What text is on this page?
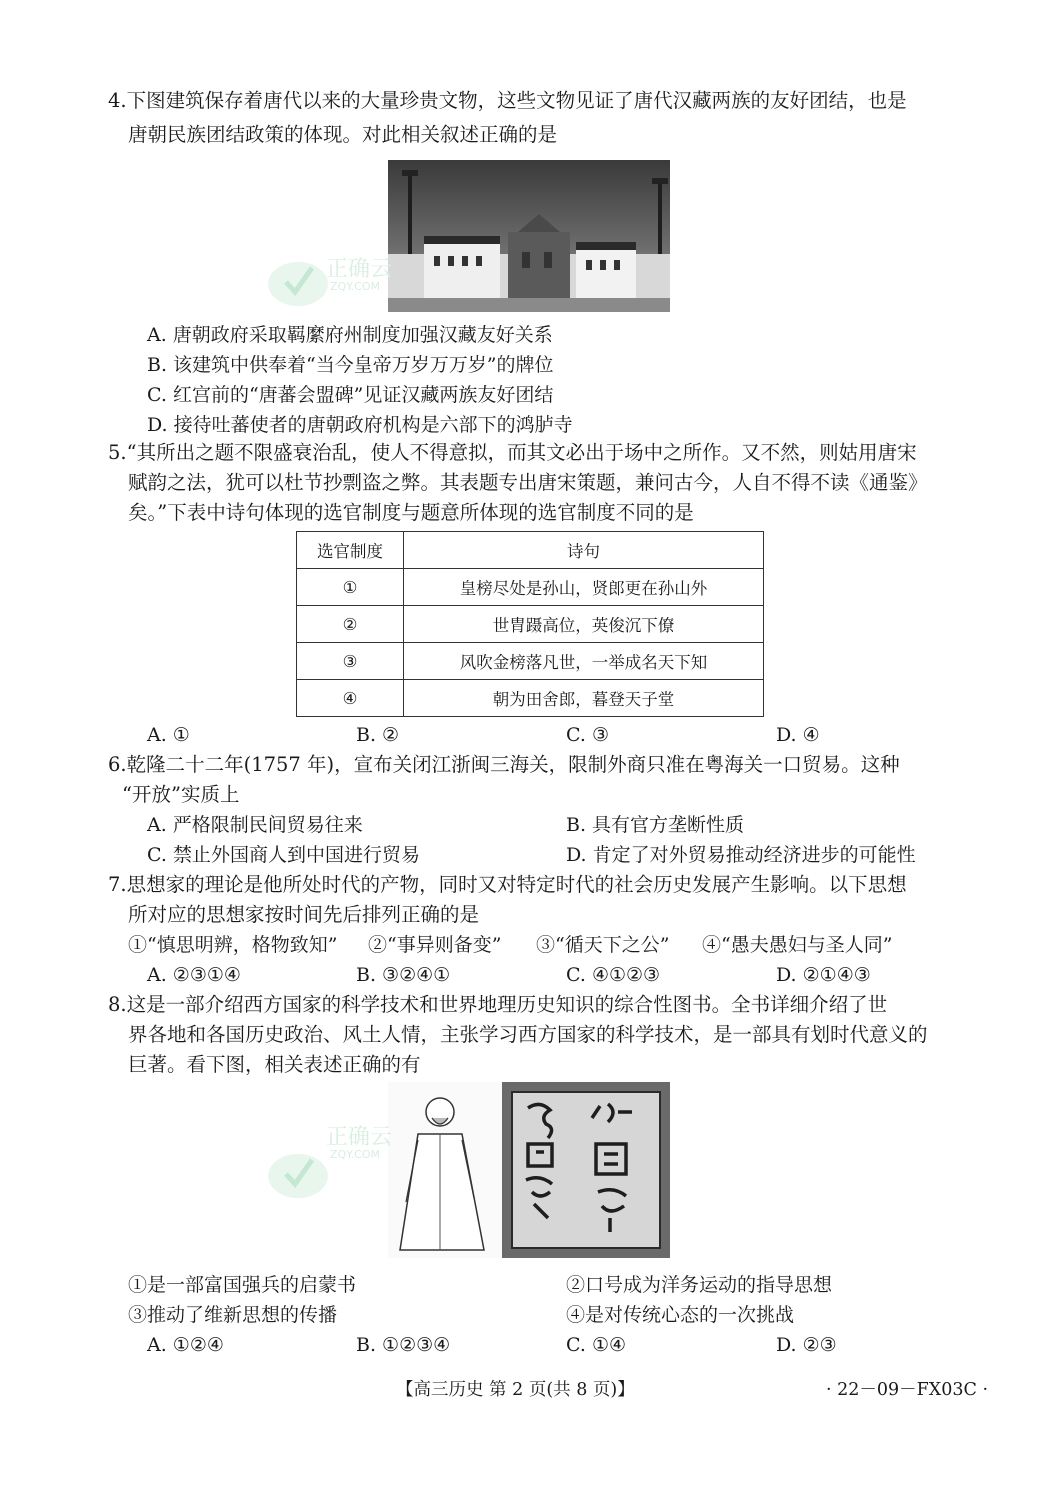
4.下图建筑保存着唐代以来的大量珍贵文物，这些文物见证了唐代汉藏两族的友好团结，也是
唐朝民族团结政策的体现。对此相关叙述正确的是
正确云
ZQY.COM
A. 唐朝政府采取羁縻府州制度加强汉藏友好关系
B. 该建筑中供奉着“当今皇帝万岁万万岁”的牌位
C. 红宫前的“唐蕃会盟碑”见证汉藏两族友好团结
D. 接待吐蕃使者的唐朝政府机构是六部下的鸿胪寺
5.“其所出之题不限盛衰治乱，使人不得意拟，而其文必出于场中之所作。又不然，则姑用唐宋
赋韵之法，犹可以杜节抄剽盗之弊。其表题专出唐宋策题，兼问古今，人自不得不读《通鉴》
矣。”下表中诗句体现的选官制度与题意所体现的选官制度不同的是
选官制度	诗句
①	皇榜尽处是孙山，贤郎更在孙山外
②	世胄蹑高位，英俊沉下僚
③	风吹金榜落凡世，一举成名天下知
④	朝为田舍郎，暮登天子堂
A. ①	B. ②	C. ③	D. ④
6.乾隆二十二年(1757 年)，宣布关闭江浙闽三海关，限制外商只准在粤海关一口贸易。这种
“开放”实质上
A. 严格限制民间贸易往来	B. 具有官方垄断性质
C. 禁止外国商人到中国进行贸易	D. 肯定了对外贸易推动经济进步的可能性
7.思想家的理论是他所处时代的产物，同时又对特定时代的社会历史发展产生影响。以下思想
所对应的思想家按时间先后排列正确的是
①“慎思明辨，格物致知” ②“事异则备变” ③“循天下之公” ④“愚夫愚妇与圣人同”
A. ②③①④	B. ③②④①	C. ④①②③	D. ②①④③
8.这是一部介绍西方国家的科学技术和世界地理历史知识的综合性图书。全书详细介绍了世
界各地和各国历史政治、风土人情，主张学习西方国家的科学技术，是一部具有划时代意义的
巨著。看下图，相关表述正确的有
正确云
ZQY.COM
①是一部富国强兵的启蒙书	②口号成为洋务运动的指导思想
③推动了维新思想的传播	④是对传统心态的一次挑战
A. ①②④	B. ①②③④	C. ①④	D. ②③
【高三历史 第 2 页(共 8 页)】	· 22－09－FX03C ·
